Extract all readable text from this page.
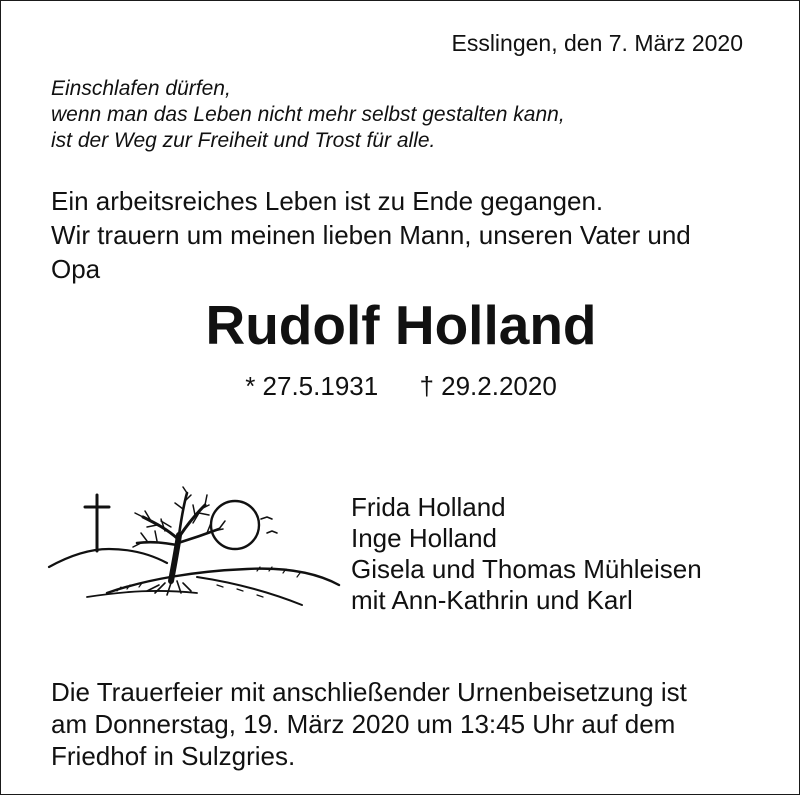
Esslingen, den 7. März 2020
Einschlafen dürfen,
wenn man das Leben nicht mehr selbst gestalten kann,
ist der Weg zur Freiheit und Trost für alle.
Ein arbeitsreiches Leben ist zu Ende gegangen.
Wir trauern um meinen lieben Mann, unseren Vater und
Opa
Rudolf Holland
* 27.5.1931 † 29.2.2020
Frida Holland
Inge Holland
Gisela und Thomas Mühleisen
mit Ann-Kathrin und Karl
Die Trauerfeier mit anschließender Urnenbeisetzung ist
am Donnerstag, 19. März 2020 um 13:45 Uhr auf dem
Friedhof in Sulzgries.
